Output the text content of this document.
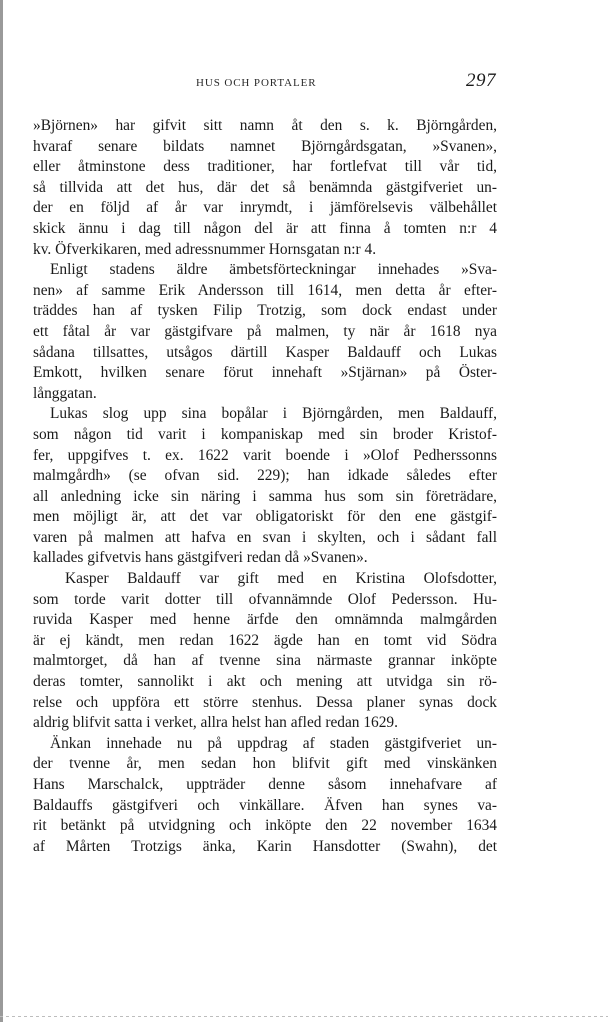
HUS OCH PORTALER	297
»Björnen» har gifvit sitt namn åt den s. k. Björngården,
hvaraf senare bildats namnet Björngårdsgatan, »Svanen»,
eller åtminstone dess traditioner, har fortlefvat till vår tid,
så tillvida att det hus, där det så benämnda gästgifveriet un-
der en följd af år var inrymdt, i jämförelsevis välbehållet
skick ännu i dag till någon del är att finna å tomten n:r 4
kv. Öfverkikaren, med adressnummer Hornsgatan n:r 4.
Enligt stadens äldre ämbetsförteckningar innehades »Sva-
nen» af samme Erik Andersson till 1614, men detta år efter-
träddes han af tysken Filip Trotzig, som dock endast under
ett fåtal år var gästgifvare på malmen, ty när år 1618 nya
sådana tillsattes, utsågos därtill Kasper Baldauff och Lukas
Emkott, hvilken senare förut innehaft »Stjärnan» på Öster-
långgatan.
Lukas slog upp sina bopålar i Björngården, men Baldauff,
som någon tid varit i kompaniskap med sin broder Kristof-
fer, uppgifves t. ex. 1622 varit boende i »Olof Pedherssonns
malmgårdh» (se ofvan sid. 229); han idkade således efter
all anledning icke sin näring i samma hus som sin företrädare,
men möjligt är, att det var obligatoriskt för den ene gästgif-
varen på malmen att hafva en svan i skylten, och i sådant fall
kallades gifvetvis hans gästgifveri redan då »Svanen».
Kasper Baldauff var gift med en Kristina Olofsdotter,
som torde varit dotter till ofvannämnde Olof Pedersson. Hu-
ruvida Kasper med henne ärfde den omnämnda malmgården
är ej kändt, men redan 1622 ägde han en tomt vid Södra
malmtorget, då han af tvenne sina närmaste grannar inköpte
deras tomter, sannolikt i akt och mening att utvidga sin rö-
relse och uppföra ett större stenhus. Dessa planer synas dock
aldrig blifvit satta i verket, allra helst han afled redan 1629.
Änkan innehade nu på uppdrag af staden gästgifveriet un-
der tvenne år, men sedan hon blifvit gift med vinskänken
Hans Marschalck, uppträder denne såsom innehafvare af
Baldauffs gästgifveri och vinkällare. Äfven han synes va-
rit betänkt på utvidgning och inköpte den 22 november 1634
af Mårten Trotzigs änka, Karin Hansdotter (Swahn), det
